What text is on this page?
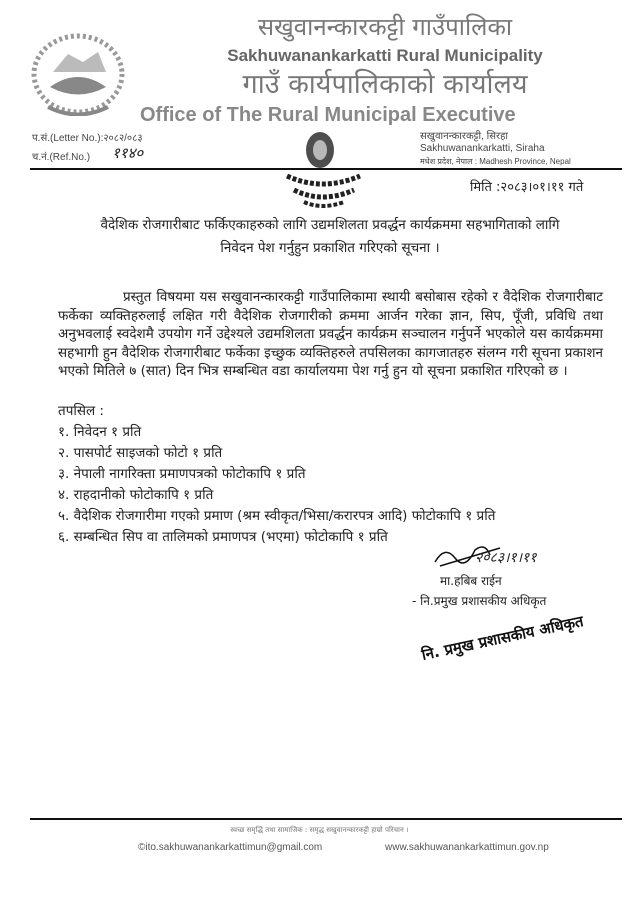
सखुवानन्कारकट्टी गाउँपालिका
Sakhuwanankarkatti Rural Municipality
गाउँ कार्यपालिकाको कार्यालय
Office of The Rural Municipal Executive
प.सं.(Letter No.):२०८२/०८३
च.नं.(Ref.No.) ११४०
सखुवानन्कारकट्टी, सिरहा
Sakhuwanankarkatti, Siraha
मधेश प्रदेश, नेपाल : Madhesh Province, Nepal
मिति :२०८३।०१।११ गते
वैदेशिक रोजगारीबाट फर्किएकाहरुको लागि उद्यमशिलता प्रवर्द्धन कार्यक्रममा सहभागिताको लागि
निवेदन पेश गर्नुहुन प्रकाशित गरिएको सूचना ।
प्रस्तुत विषयमा यस सखुवानन्कारकट्टी गाउँपालिकामा स्थायी बसोबास रहेको र वैदेशिक रोजगारीबाट फर्केका व्यक्तिहरुलाई लक्षित गरी वैदेशिक रोजगारीको क्रममा आर्जन गरेका ज्ञान, सिप, पूँजी, प्रविधि तथा अनुभवलाई स्वदेशमै उपयोग गर्ने उद्देश्यले उद्यमशिलता प्रवर्द्धन कार्यक्रम सञ्चालन गर्नुपर्ने भएकोले यस कार्यक्रममा सहभागी हुन वैदेशिक रोजगारीबाट फर्केका इच्छुक व्यक्तिहरुले तपसिलका कागजातहरु संलग्न गरी सूचना प्रकाशन भएको मितिले ७ (सात) दिन भित्र सम्बन्धित वडा कार्यालयमा पेश गर्नु हुन यो सूचना प्रकाशित गरिएको छ ।
तपसिल :
१. निवेदन १ प्रति
२. पासपोर्ट साइजको फोटो १ प्रति
३. नेपाली नागरिक्ता प्रमाणपत्रको फोटोकापि १ प्रति
४. राहदानीको फोटोकापि १ प्रति
५. वैदेशिक रोजगारीमा गएको प्रमाण (श्रम स्वीकृत/भिसा/करारपत्र आदि) फोटोकापि १ प्रति
६. सम्बन्धित सिप वा तालिमको प्रमाणपत्र (भएमा) फोटोकापि १ प्रति
२०८३।१।११
मा.हबिब राईन
- नि.प्रमुख प्रशासकीय अधिकृत
नि. प्रमुख प्रशासकीय अधिकृत
स्वच्छ समृद्धि तथा सामाजिक : समृद्ध सखुवानन्कारकट्टी हाम्रो परिचान ।
©ito.sakhuwanankarkattimun@gmail.com	www.sakhuwanankarkattimun.gov.np
